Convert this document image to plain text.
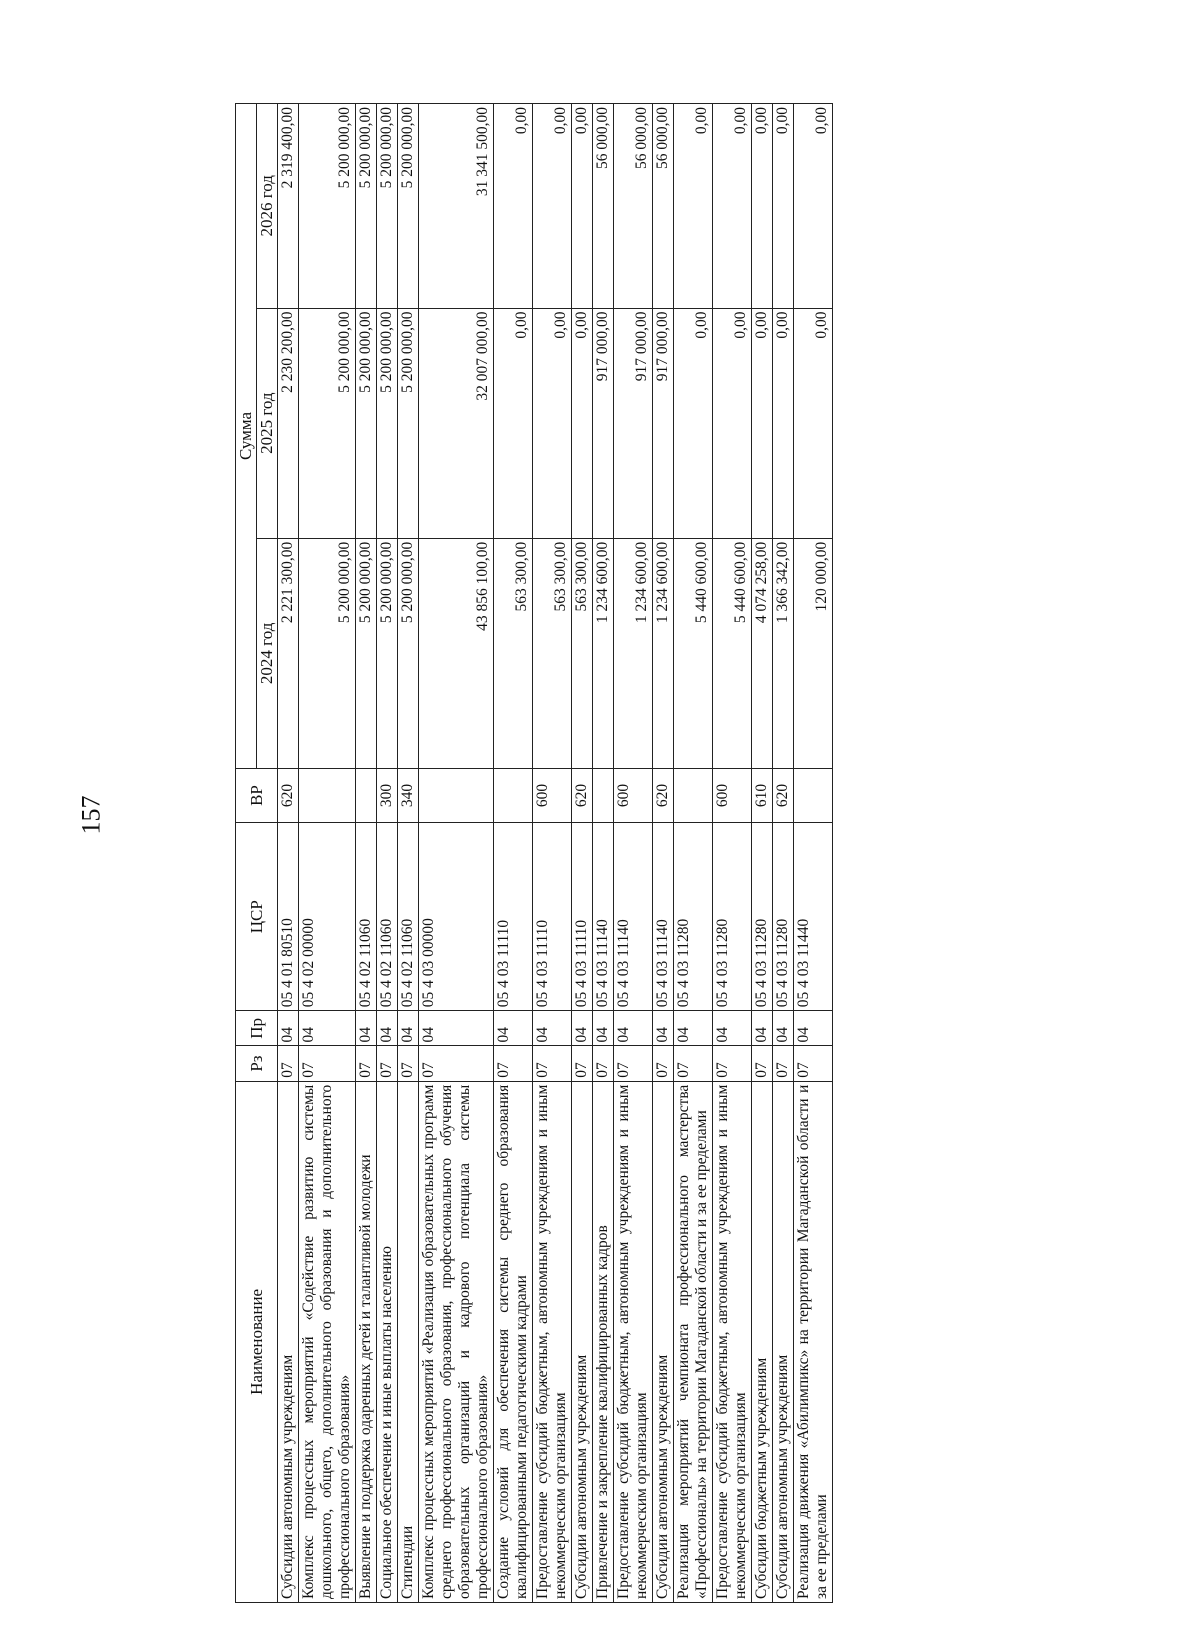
157
Наименование	Рз	Пр	ЦСР	ВР	Сумма		
					2024 год	2025 год	2026 год
Субсидии автономным учреждениям	07	04	05 4 01 80510	620	2 221 300,00	2 230 200,00	2 319 400,00
Комплекс процессных мероприятий «Содействие развитию системы дошкольного, общего, дополнительного образования и дополнительного профессионального образования»	07	04	05 4 02 00000		5 200 000,00	5 200 000,00	5 200 000,00
Выявление и поддержка одаренных детей и талантливой молодежи	07	04	05 4 02 11060		5 200 000,00	5 200 000,00	5 200 000,00
Социальное обеспечение и иные выплаты населению	07	04	05 4 02 11060	300	5 200 000,00	5 200 000,00	5 200 000,00
Стипендии	07	04	05 4 02 11060	340	5 200 000,00	5 200 000,00	5 200 000,00
Комплекс процессных мероприятий «Реализация образовательных программ среднего профессионального образования, профессионального обучения образовательных организаций и кадрового потенциала системы профессионального образования»	07	04	05 4 03 00000		43 856 100,00	32 007 000,00	31 341 500,00
Создание условий для обеспечения системы среднего образования квалифицированными педагогическими кадрами	07	04	05 4 03 11110		563 300,00	0,00	0,00
Предоставление субсидий бюджетным, автономным учреждениям и иным некоммерческим организациям	07	04	05 4 03 11110	600	563 300,00	0,00	0,00
Субсидии автономным учреждениям	07	04	05 4 03 11110	620	563 300,00	0,00	0,00
Привлечение и закрепление квалифицированных кадров	07	04	05 4 03 11140		1 234 600,00	917 000,00	56 000,00
Предоставление субсидий бюджетным, автономным учреждениям и иным некоммерческим организациям	07	04	05 4 03 11140	600	1 234 600,00	917 000,00	56 000,00
Субсидии автономным учреждениям	07	04	05 4 03 11140	620	1 234 600,00	917 000,00	56 000,00
Реализация мероприятий чемпионата профессионального мастерства «Профессионалы» на территории Магаданской области и за ее пределами	07	04	05 4 03 11280		5 440 600,00	0,00	0,00
Предоставление субсидий бюджетным, автономным учреждениям и иным некоммерческим организациям	07	04	05 4 03 11280	600	5 440 600,00	0,00	0,00
Субсидии бюджетным учреждениям	07	04	05 4 03 11280	610	4 074 258,00	0,00	0,00
Субсидии автономным учреждениям	07	04	05 4 03 11280	620	1 366 342,00	0,00	0,00
Реализация движения «Абилимпикс» на территории Магаданской области и за ее пределами	07	04	05 4 03 11440		120 000,00	0,00	0,00
